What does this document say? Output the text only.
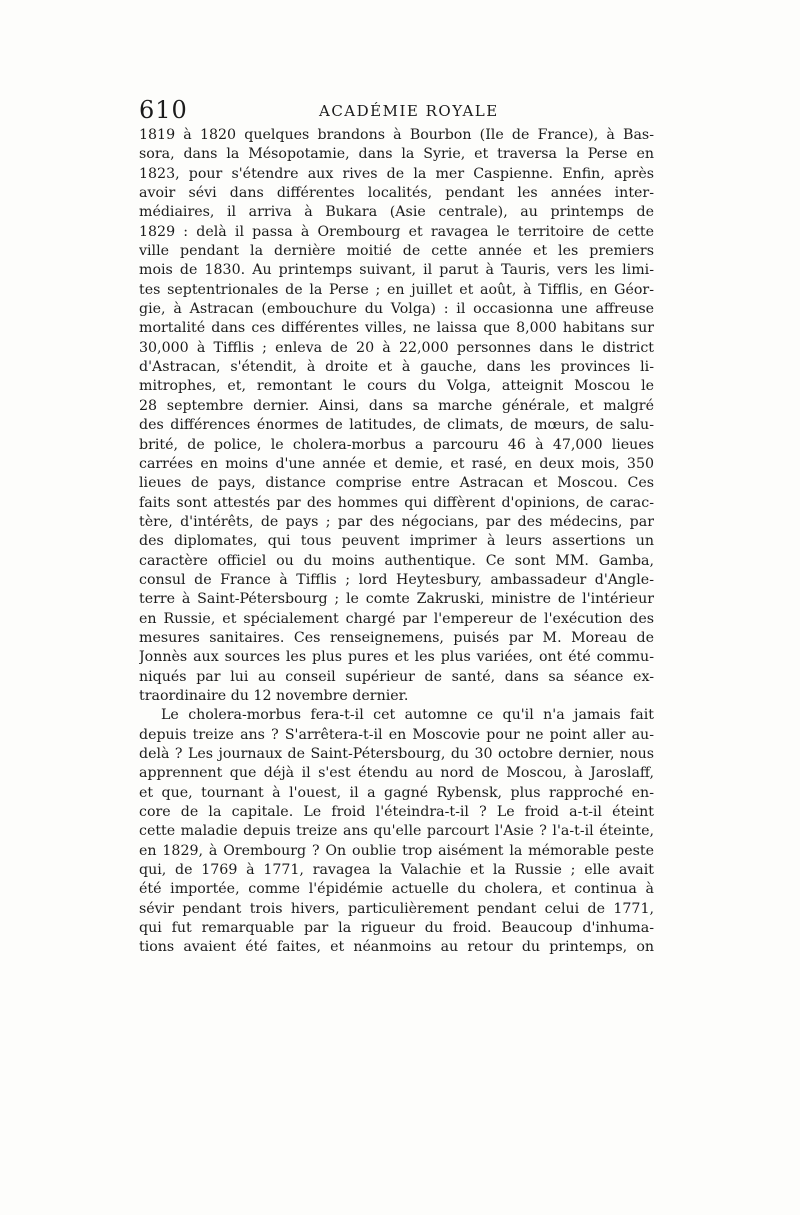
610	ACADÉMIE ROYALE
1819 à 1820 quelques brandons à Bourbon (Ile de France), à Bas-
sora, dans la Mésopotamie, dans la Syrie, et traversa la Perse en
1823, pour s'étendre aux rives de la mer Caspienne. Enfin, après
avoir sévi dans différentes localités, pendant les années inter-
médiaires, il arriva à Bukara (Asie centrale), au printemps de
1829 : delà il passa à Orembourg et ravagea le territoire de cette
ville pendant la dernière moitié de cette année et les premiers
mois de 1830. Au printemps suivant, il parut à Tauris, vers les limi-
tes septentrionales de la Perse ; en juillet et août, à Tifflis, en Géor-
gie, à Astracan (embouchure du Volga) : il occasionna une affreuse
mortalité dans ces différentes villes, ne laissa que 8,000 habitans sur
30,000 à Tifflis ; enleva de 20 à 22,000 personnes dans le district
d'Astracan, s'étendit, à droite et à gauche, dans les provinces li-
mitrophes, et, remontant le cours du Volga, atteignit Moscou le
28 septembre dernier. Ainsi, dans sa marche générale, et malgré
des différences énormes de latitudes, de climats, de mœurs, de salu-
brité, de police, le cholera-morbus a parcouru 46 à 47,000 lieues
carrées en moins d'une année et demie, et rasé, en deux mois, 350
lieues de pays, distance comprise entre Astracan et Moscou. Ces
faits sont attestés par des hommes qui diffèrent d'opinions, de carac-
tère, d'intérêts, de pays ; par des négocians, par des médecins, par
des diplomates, qui tous peuvent imprimer à leurs assertions un
caractère officiel ou du moins authentique. Ce sont MM. Gamba,
consul de France à Tifflis ; lord Heytesbury, ambassadeur d'Angle-
terre à Saint-Pétersbourg ; le comte Zakruski, ministre de l'intérieur
en Russie, et spécialement chargé par l'empereur de l'exécution des
mesures sanitaires. Ces renseignemens, puisés par M. Moreau de
Jonnès aux sources les plus pures et les plus variées, ont été commu-
niqués par lui au conseil supérieur de santé, dans sa séance ex-
traordinaire du 12 novembre dernier.
Le cholera-morbus fera-t-il cet automne ce qu'il n'a jamais fait
depuis treize ans ? S'arrêtera-t-il en Moscovie pour ne point aller au-
delà ? Les journaux de Saint-Pétersbourg, du 30 octobre dernier, nous
apprennent que déjà il s'est étendu au nord de Moscou, à Jaroslaff,
et que, tournant à l'ouest, il a gagné Rybensk, plus rapproché en-
core de la capitale. Le froid l'éteindra-t-il ? Le froid a-t-il éteint
cette maladie depuis treize ans qu'elle parcourt l'Asie ? l'a-t-il éteinte,
en 1829, à Orembourg ? On oublie trop aisément la mémorable peste
qui, de 1769 à 1771, ravagea la Valachie et la Russie ; elle avait
été importée, comme l'épidémie actuelle du cholera, et continua à
sévir pendant trois hivers, particulièrement pendant celui de 1771,
qui fut remarquable par la rigueur du froid. Beaucoup d'inhuma-
tions avaient été faites, et néanmoins au retour du printemps, on
